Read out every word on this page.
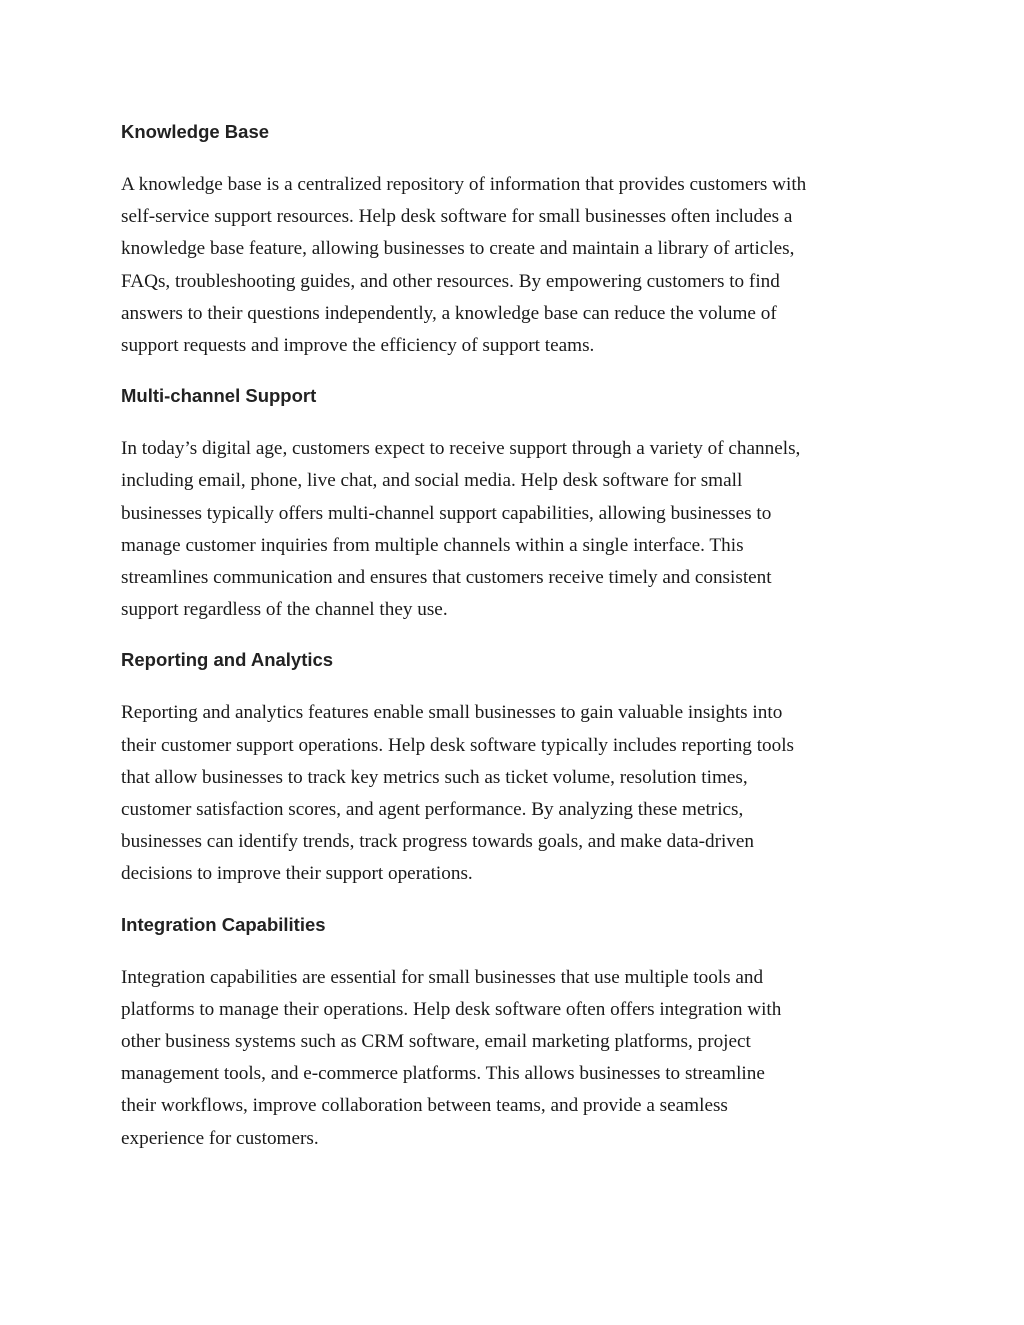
Knowledge Base

A knowledge base is a centralized repository of information that provides customers with
self-service support resources. Help desk software for small businesses often includes a
knowledge base feature, allowing businesses to create and maintain a library of articles,
FAQs, troubleshooting guides, and other resources. By empowering customers to find
answers to their questions independently, a knowledge base can reduce the volume of
support requests and improve the efficiency of support teams.

Multi-channel Support

In today’s digital age, customers expect to receive support through a variety of channels,
including email, phone, live chat, and social media. Help desk software for small
businesses typically offers multi-channel support capabilities, allowing businesses to
manage customer inquiries from multiple channels within a single interface. This
streamlines communication and ensures that customers receive timely and consistent
support regardless of the channel they use.

Reporting and Analytics

Reporting and analytics features enable small businesses to gain valuable insights into
their customer support operations. Help desk software typically includes reporting tools
that allow businesses to track key metrics such as ticket volume, resolution times,
customer satisfaction scores, and agent performance. By analyzing these metrics,
businesses can identify trends, track progress towards goals, and make data-driven
decisions to improve their support operations.

Integration Capabilities

Integration capabilities are essential for small businesses that use multiple tools and
platforms to manage their operations. Help desk software often offers integration with
other business systems such as CRM software, email marketing platforms, project
management tools, and e-commerce platforms. This allows businesses to streamline
their workflows, improve collaboration between teams, and provide a seamless
experience for customers.
